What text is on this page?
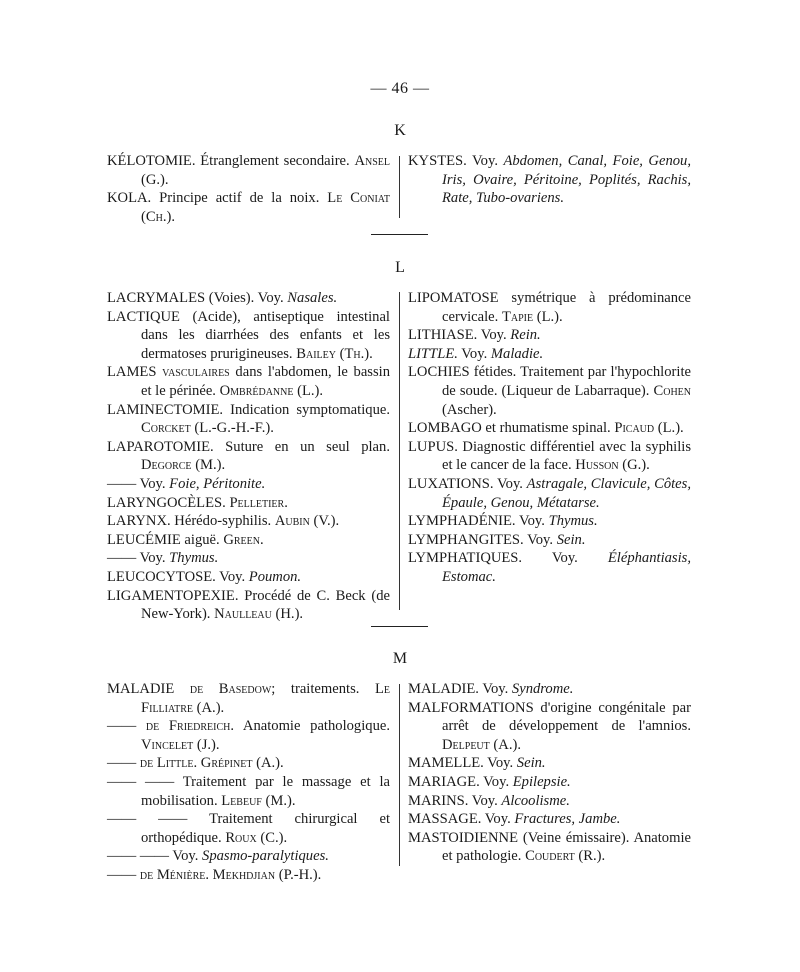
— 46 —
K
KÉLOTOMIE. Étranglement secondaire. Ansel (G.).
KOLA. Principe actif de la noix. Le Coniat (Ch.).
KYSTES. Voy. Abdomen, Canal, Foie, Genou, Iris, Ovaire, Péritoine, Poplités, Rachis, Rate, Tubo-ovariens.
L
LACRYMALES (Voies). Voy. Nasales.
LACTIQUE (Acide), antiseptique intestinal dans les diarrhées des enfants et les dermatoses prurigineuses. Bailey (Th.).
LAMES vasculaires dans l'abdomen, le bassin et le périnée. Ombrédanne (L.).
LAMINECTOMIE. Indication symptomatique. Corcket (L.-G.-H.-F.).
LAPAROTOMIE. Suture en un seul plan. Degorce (M.).
—— Voy. Foie, Péritonite.
LARYNGOCÈLES. Pelletier.
LARYNX. Hérédo-syphilis. Aubin (V.).
LEUCÉMIE aiguë. Green.
—— Voy. Thymus.
LEUCOCYTOSE. Voy. Poumon.
LIGAMENTOPEXIE. Procédé de C. Beck (de New-York). Naulleau (H.).
LIPOMATOSE symétrique à prédominance cervicale. Tapie (L.).
LITHIASE. Voy. Rein.
LITTLE. Voy. Maladie.
LOCHIES fétides. Traitement par l'hypochlorite de soude. (Liqueur de Labarraque). Cohen (Ascher).
LOMBAGO et rhumatisme spinal. Picaud (L.).
LUPUS. Diagnostic différentiel avec la syphilis et le cancer de la face. Husson (G.).
LUXATIONS. Voy. Astragale, Clavicule, Côtes, Épaule, Genou, Métatarse.
LYMPHADÉNIE. Voy. Thymus.
LYMPHANGITES. Voy. Sein.
LYMPHATIQUES. Voy. Éléphantiasis, Estomac.
M
MALADIE de Basedow; traitements. Le Filliatre (A.).
—— de Friedreich. Anatomie pathologique. Vincelet (J.).
—— de Little. Grépinet (A.).
—— —— Traitement par le massage et la mobilisation. Lebeuf (M.).
—— —— Traitement chirurgical et orthopédique. Roux (C.).
—— —— Voy. Spasmo-paralytiques.
—— de Ménière. Mekhdjian (P.-H.).
MALADIE. Voy. Syndrome.
MALFORMATIONS d'origine congénitale par arrêt de développement de l'amnios. Delpeut (A.).
MAMELLE. Voy. Sein.
MARIAGE. Voy. Epilepsie.
MARINS. Voy. Alcoolisme.
MASSAGE. Voy. Fractures, Jambe.
MASTOIDIENNE (Veine émissaire). Anatomie et pathologie. Coudert (R.).
